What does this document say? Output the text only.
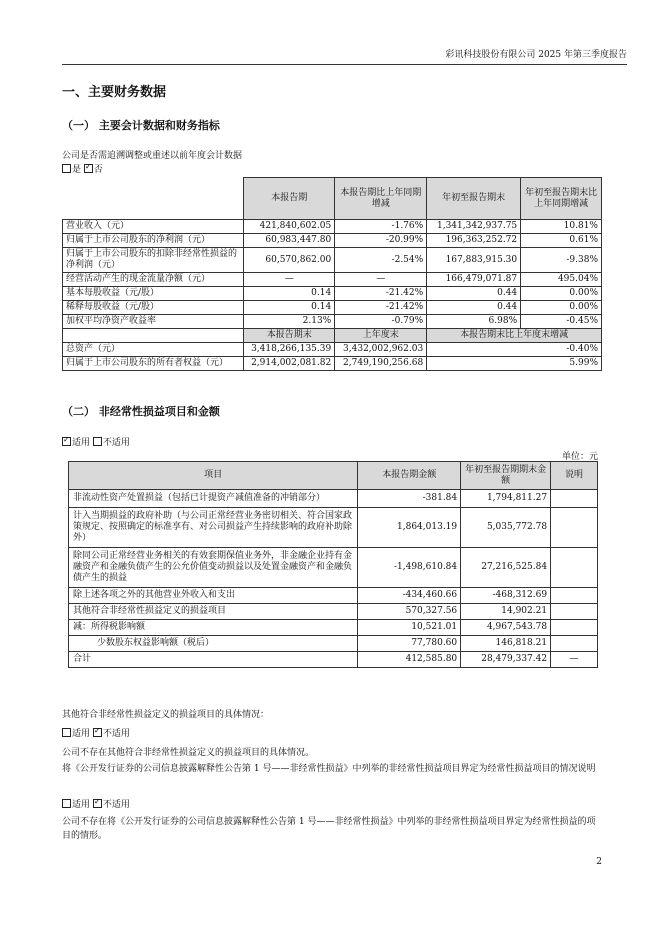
彩讯科技股份有限公司 2025 年第三季度报告
一、主要财务数据
（一） 主要会计数据和财务指标
公司是否需追溯调整或重述以前年度会计数据
是 ✓ 否
	本报告期	本报告期比上年同期增减	年初至报告期末	年初至报告期末比上年同期增减
营业收入（元）	421,840,602.05	-1.76%	1,341,342,937.75	10.81%
归属于上市公司股东的净利润（元）	60,983,447.80	-20.99%	196,363,252.72	0.61%
归属于上市公司股东的扣除非经常性损益的净利润（元）	60,570,862.00	-2.54%	167,883,915.30	-9.38%
经营活动产生的现金流量净额（元）	—	—	166,479,071.87	495.04%
基本每股收益（元/股）	0.14	-21.42%	0.44	0.00%
稀释每股收益（元/股）	0.14	-21.42%	0.44	0.00%
加权平均净资产收益率	2.13%	-0.79%	6.98%	-0.45%
	本报告期末	上年度末	本报告期末比上年度末增减	
总资产（元）	3,418,266,135.39	3,432,002,962.03	-0.40%	
归属于上市公司股东的所有者权益（元）	2,914,002,081.82	2,749,190,256.68	5.99%	
（二） 非经常性损益项目和金额
✓适用 不适用
单位：元
项目	本报告期金额	年初至报告期期末金额	说明
非流动性资产处置损益（包括已计提资产减值准备的冲销部分）	-381.84	1,794,811.27	
计入当期损益的政府补助（与公司正常经营业务密切相关、符合国家政策规定、按照确定的标准享有、对公司损益产生持续影响的政府补助除外）	1,864,013.19	5,035,772.78	
除同公司正常经营业务相关的有效套期保值业务外，非金融企业持有金融资产和金融负债产生的公允价值变动损益以及处置金融资产和金融负债产生的损益	-1,498,610.84	27,216,525.84	
除上述各项之外的其他营业外收入和支出	-434,460.66	-468,312.69	
其他符合非经常性损益定义的损益项目	570,327.56	14,902.21	
减：所得税影响额	10,521.01	4,967,543.78	
少数股东权益影响额（税后）	77,780.60	146,818.21	
合计	412,585.80	28,479,337.42	—
其他符合非经常性损益定义的损益项目的具体情况：
适用 ✓ 不适用
公司不存在其他符合非经常性损益定义的损益项目的具体情况。
将《公开发行证券的公司信息披露解释性公告第 1 号——非经常性损益》中列举的非经常性损益项目界定为经常性损益项目的情况说明
适用 ✓ 不适用
公司不存在将《公开发行证券的公司信息披露解释性公告第 1 号——非经常性损益》中列举的非经常性损益项目界定为经常性损益的项目的情形。
2
